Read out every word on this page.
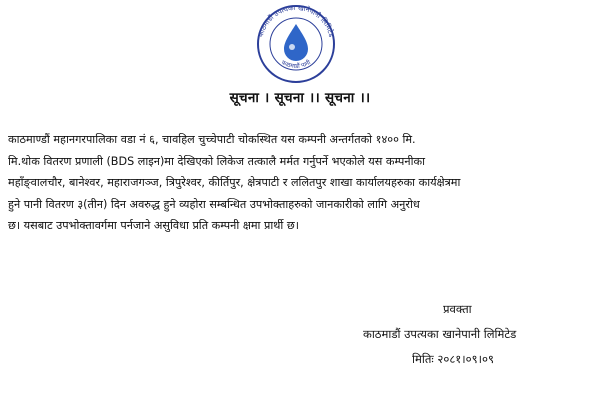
काठमाडौं उपत्यका खानेपानी लिमिटेड
काठमाडौं पानी
सूचना । सूचना ।। सूचना ।।
काठमाण्डौं महानगरपालिका वडा नं ६, चावहिल चुच्चेपाटी चोकस्थित यस कम्पनी अन्तर्गतको १४०० मि.
मि.थोक वितरण प्रणाली (BDS लाइन)मा देखिएको लिकेज तत्कालै मर्मत गर्नुपर्ने भएकोले यस कम्पनीका
महाँङ्वालचौर, बानेश्वर, महाराजगञ्ज, त्रिपुरेश्वर, कीर्तिपुर, क्षेत्रपाटी र ललितपुर शाखा कार्यालयहरुका कार्यक्षेत्रमा
हुने पानी वितरण ३(तीन) दिन अवरुद्ध हुने व्यहोरा सम्बन्धित उपभोक्ताहरुको जानकारीको लागि अनुरोध
छ। यसबाट उपभोक्तावर्गमा पर्नजाने असुविधा प्रति कम्पनी क्षमा प्रार्थी छ।
प्रवक्ता
काठमाडौं उपत्यका खानेपानी लिमिटेड
मितिः २०८१।०९।०९
